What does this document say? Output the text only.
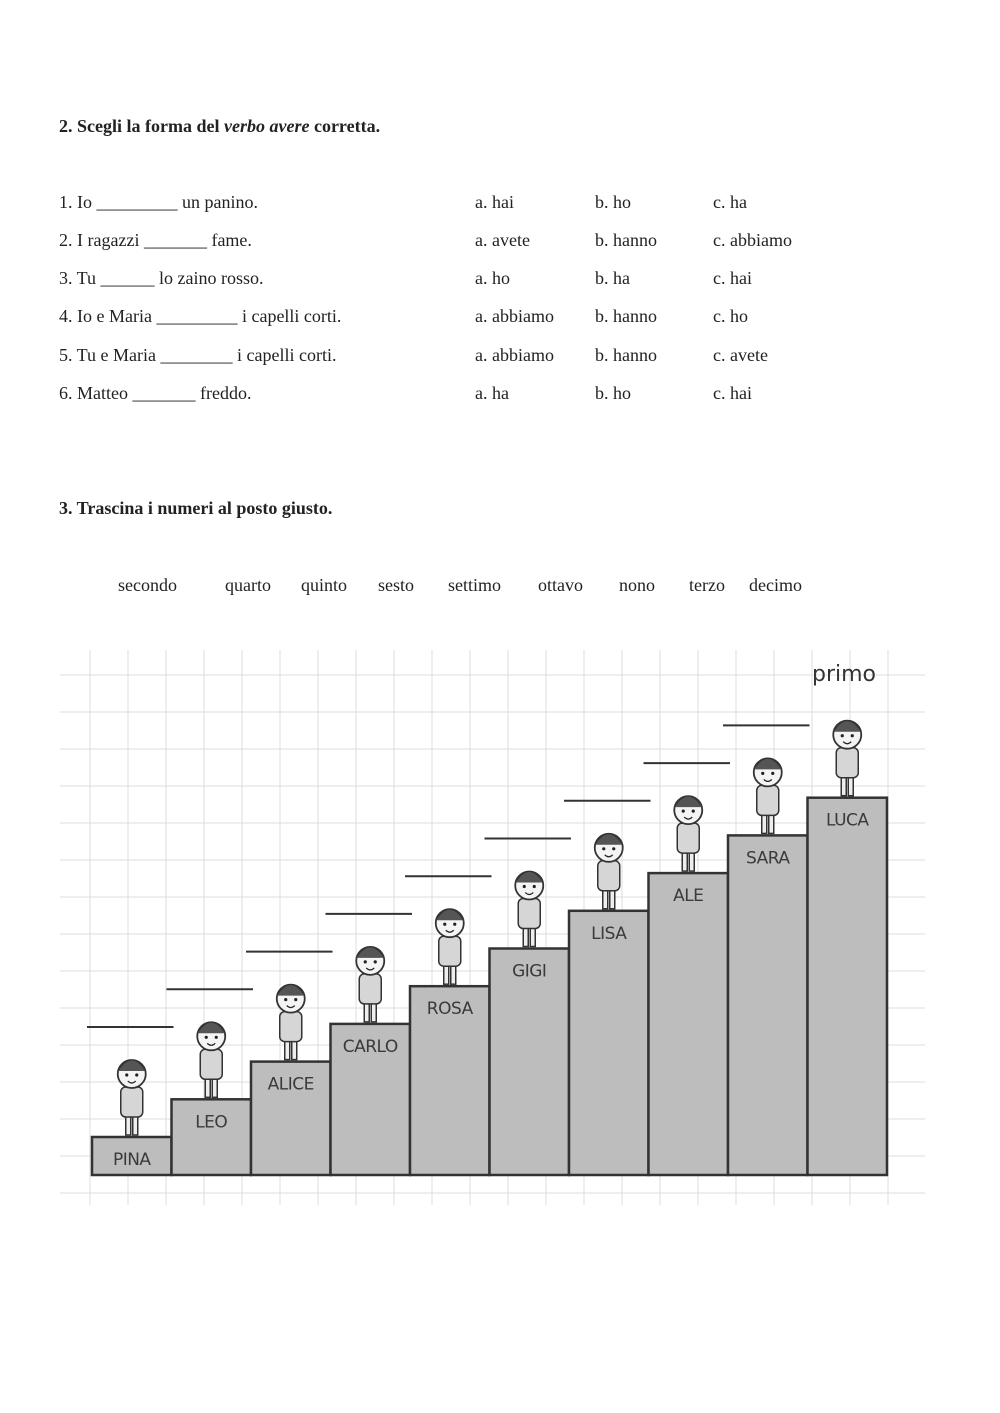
2. Scegli la forma del verbo avere corretta.
1. Io _________ un panino.	a. hai	b. ho	c. ha
2. I ragazzi _______ fame.	a. avete	b. hanno	c. abbiamo
3. Tu ______ lo zaino rosso.	a. ho	b. ha	c. hai
4. Io e Maria _________ i capelli corti.	a. abbiamo b. hanno	c. ho
5. Tu e Maria ________ i capelli corti.	a. abbiamo b. hanno	c. avete
6. Matteo _______ freddo.	a. ha	b. ho	c. hai
3. Trascina i numeri al posto giusto.
secondo	quarto quinto sesto settimo ottavo nono terzo decimo
PINA
LEO
ALICE
CARLO
ROSA
GIGI
LISA
ALE
SARA
LUCA
primo
